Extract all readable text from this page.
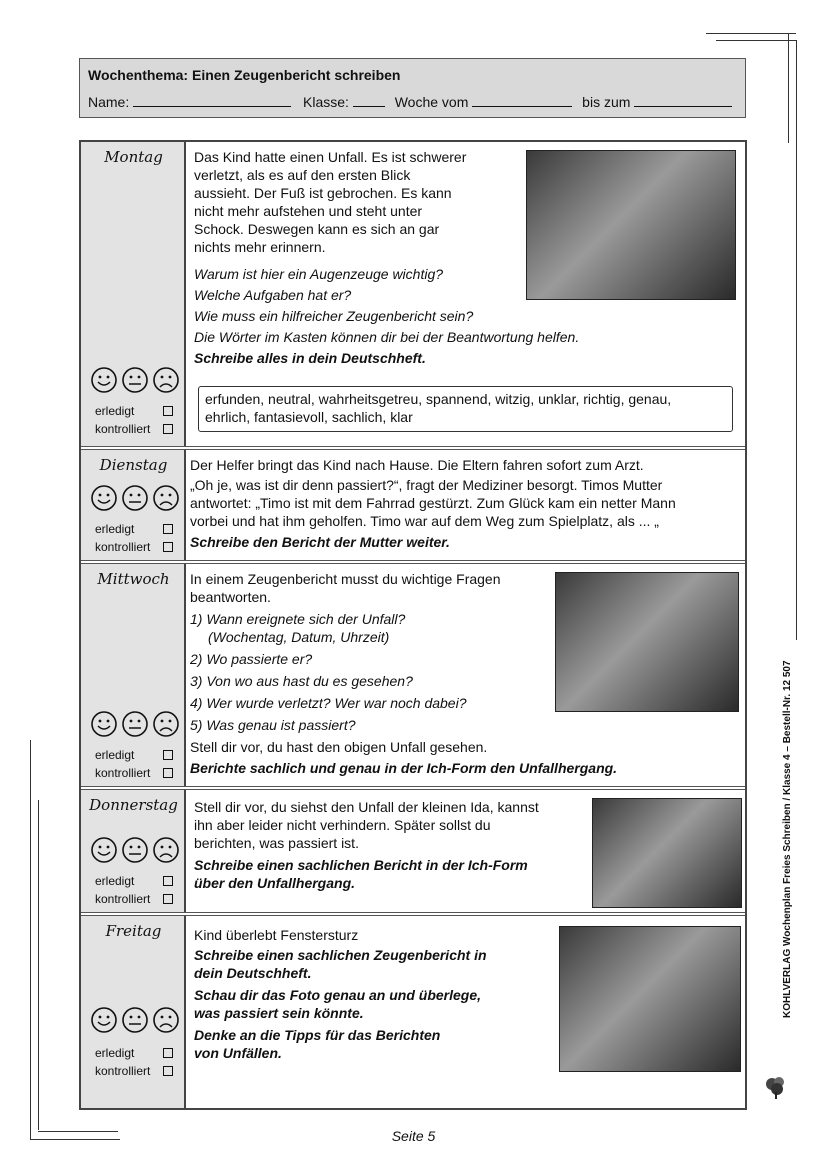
Wochenthema: Einen Zeugenbericht schreiben
Name:	Klasse:	Woche vom	bis zum
Montag
erledigt
kontrolliert

Das Kind hatte einen Unfall. Es ist schwerer

verletzt, als es auf den ersten Blick

aussieht. Der Fuß ist gebrochen. Es kann

nicht mehr aufstehen und steht unter

Schock. Deswegen kann es sich an gar

nichts mehr erinnern.

Warum ist hier ein Augenzeuge wichtig?

Welche Aufgaben hat er?

Wie muss ein hilfreicher Zeugenbericht sein?

Die Wörter im Kasten können dir bei der Beantwortung helfen.

Schreibe alles in dein Deutschheft.

erfunden, neutral, wahrheitsgetreu, spannend, witzig, unklar, richtig, genau,

ehrlich, fantasievoll, sachlich, klar

Dienstag
erledigt
kontrolliert

Der Helfer bringt das Kind nach Hause. Die Eltern fahren sofort zum Arzt.

„Oh je, was ist dir denn passiert?“, fragt der Mediziner besorgt. Timos Mutter

antwortet: „Timo ist mit dem Fahrrad gestürzt. Zum Glück kam ein netter Mann

vorbei und hat ihm geholfen. Timo war auf dem Weg zum Spielplatz, als ... „

Schreibe den Bericht der Mutter weiter.

Mittwoch
erledigt
kontrolliert

In einem Zeugenbericht musst du wichtige Fragen

beantworten.

1) Wann ereignete sich der Unfall?

(Wochentag, Datum, Uhrzeit)

2) Wo passierte er?

3) Von wo aus hast du es gesehen?

4) Wer wurde verletzt? Wer war noch dabei?

5) Was genau ist passiert?

Stell dir vor, du hast den obigen Unfall gesehen.

Berichte sachlich und genau in der Ich-Form den Unfallhergang.

Donnerstag
erledigt
kontrolliert

Stell dir vor, du siehst den Unfall der kleinen Ida, kannst

ihn aber leider nicht verhindern. Später sollst du

berichten, was passiert ist.

Schreibe einen sachlichen Bericht in der Ich-Form

über den Unfallhergang.

Freitag
erledigt
kontrolliert

Kind überlebt Fenstersturz

Schreibe einen sachlichen Zeugenbericht in

dein Deutschheft.

Schau dir das Foto genau an und überlege,

was passiert sein könnte.

Denke an die Tipps für das Berichten

von Unfällen.

KOHLVERLAG Wochenplan Freies Schreiben / Klasse 4 – Bestell-Nr. 12 507
Seite 5
